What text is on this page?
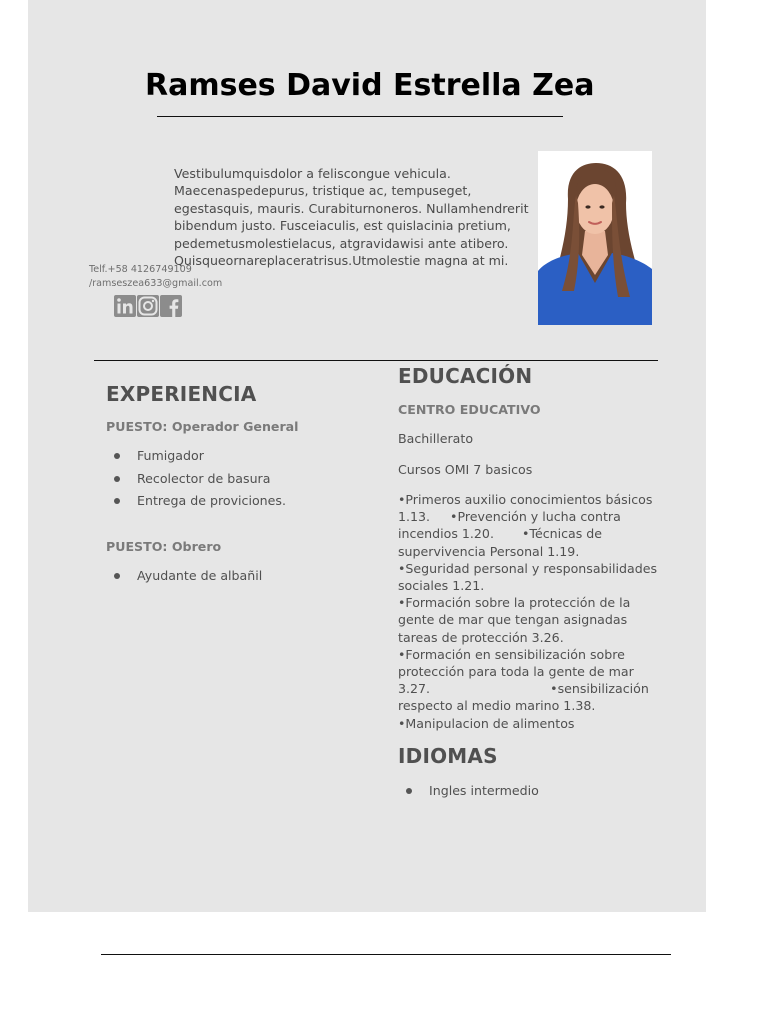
Ramses David Estrella Zea

Vestibulumquisdolor a feliscongue vehicula. Maecenaspedepurus, tristique ac, tempuseget, egestasquis, mauris. Curabiturnoneros. Nullamhendrerit bibendum justo. Fusceiaculis, est quislacinia pretium, pedemetusmolestielacus, atgravidawisi ante atibero. Quisqueornareplaceratrisus.Utmolestie magna at mi.

Telf.+58 4126749109
/ramseszea633@gmail.com
EXPERIENCIA
PUESTO: Operador General
Fumigador
Recolector de basura
Entrega de proviciones.
PUESTO: Obrero
Ayudante de albañil
EDUCACIÓN
CENTRO EDUCATIVO

Bachillerato

Cursos OMI 7 basicos

•Primeros auxilio conocimientos básicos 1.13.     •Prevención y lucha contra incendios 1.20.       •Técnicas de supervivencia Personal 1.19.
•Seguridad personal y responsabilidades sociales 1.21.
•Formación sobre la protección de la gente de mar que tengan asignadas tareas de protección 3.26.
•Formación en sensibilización sobre protección para toda la gente de mar 3.27.                              •sensibilización respecto al medio marino 1.38.
•Manipulacion de alimentos

IDIOMAS
Ingles intermedio
